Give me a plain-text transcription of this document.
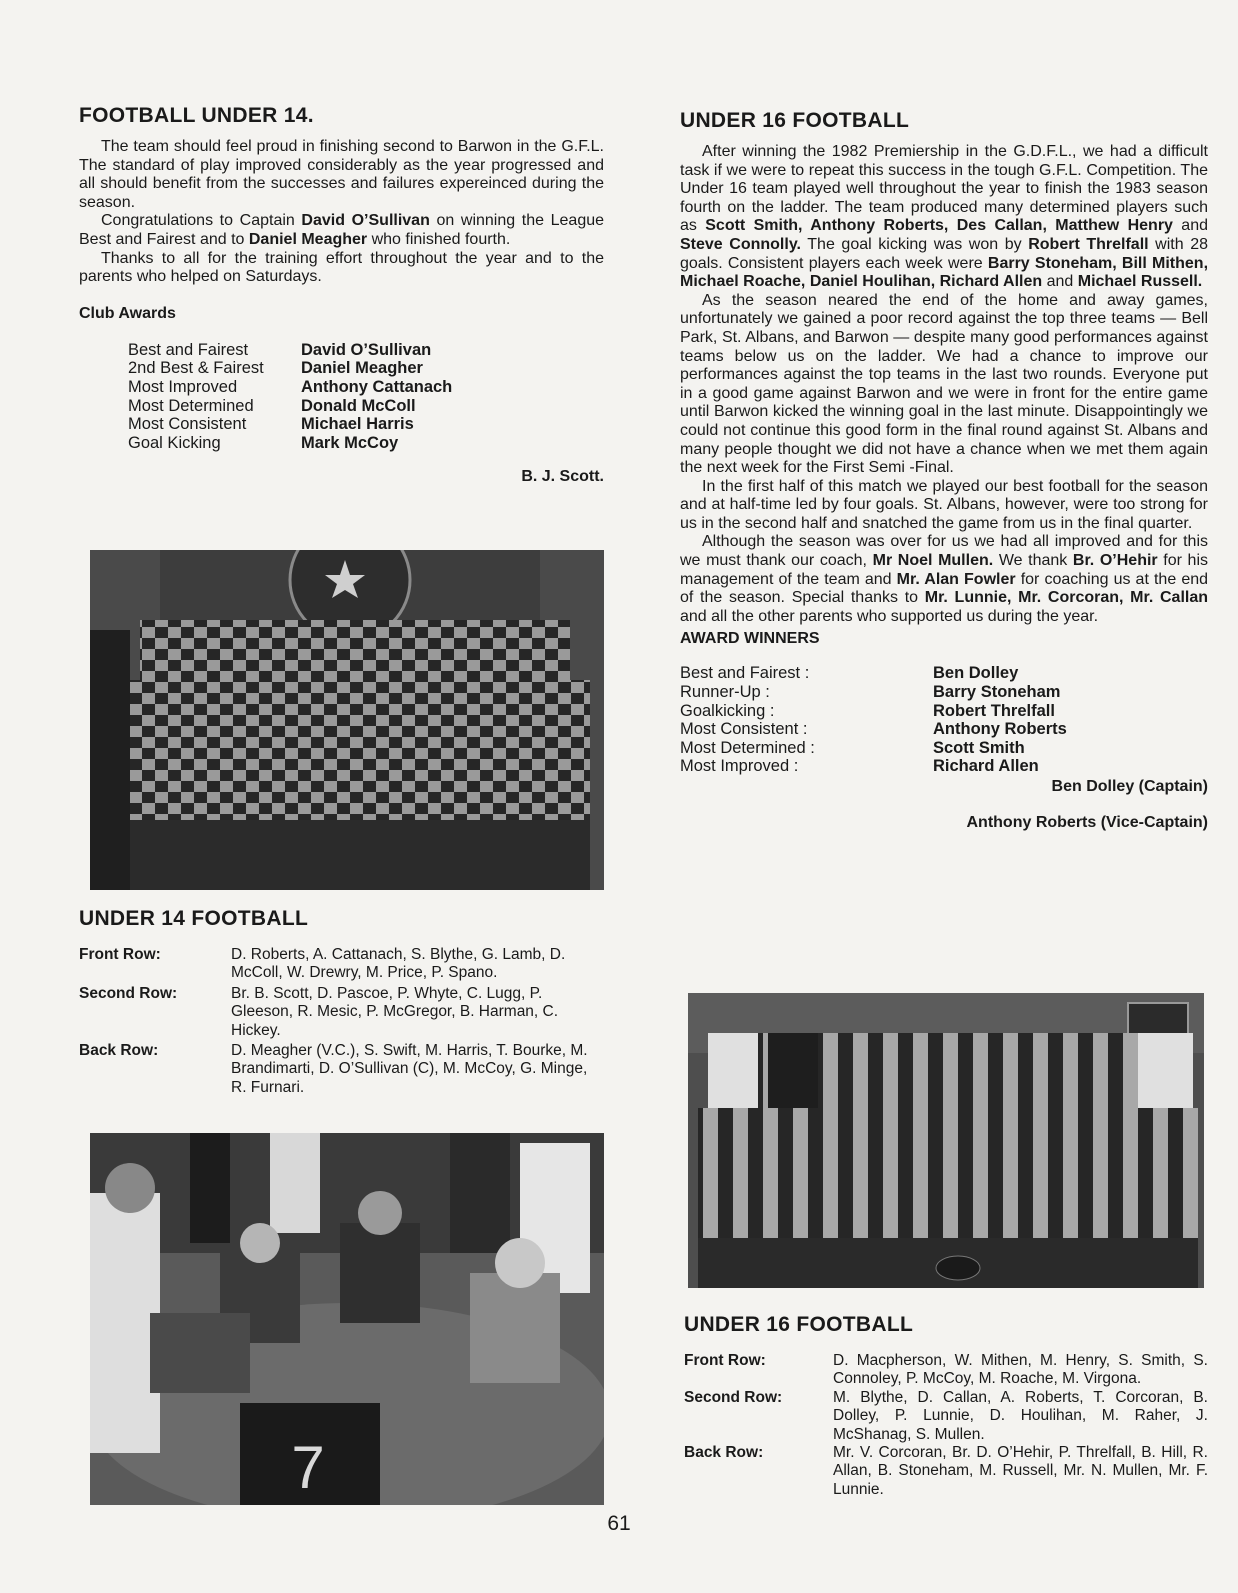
FOOTBALL UNDER 14.

The team should feel proud in finishing second to Barwon in the G.F.L. The standard of play improved considerably as the year progressed and all should benefit from the successes and failures expereinced during the season.

Congratulations to Captain David O’Sullivan on winning the League Best and Fairest and to Daniel Meagher who finished fourth.

Thanks to all for the training effort throughout the year and to the parents who helped on Saturdays.

Club Awards
Best and Fairest	David O’Sullivan
2nd Best & Fairest	Daniel Meagher
Most Improved	Anthony Cattanach
Most Determined	Donald McColl
Most Consistent	Michael Harris
Goal Kicking	Mark McCoy
B. J. Scott.
UNDER 14 FOOTBALL
Front Row:	D. Roberts, A. Cattanach, S. Blythe, G. Lamb, D. McColl, W. Drewry, M. Price, P. Spano.
Second Row:	Br. B. Scott, D. Pascoe, P. Whyte, C. Lugg, P. Gleeson, R. Mesic, P. McGregor, B. Harman, C. Hickey.
Back Row:	D. Meagher (V.C.), S. Swift, M. Harris, T. Bourke, M. Brandimarti, D. O’Sullivan (C), M. McCoy, G. Minge, R. Furnari.
7
UNDER 16 FOOTBALL

After winning the 1982 Premiership in the G.D.F.L., we had a difficult task if we were to repeat this success in the tough G.F.L. Competition. The Under 16 team played well throughout the year to finish the 1983 season fourth on the ladder. The team produced many determined players such as Scott Smith, Anthony Roberts, Des Callan, Matthew Henry and Steve Connolly. The goal kicking was won by Robert Threlfall with 28 goals. Consistent players each week were Barry Stoneham, Bill Mithen, Michael Roache, Daniel Houlihan, Richard Allen and Michael Russell.

As the season neared the end of the home and away games, unfortunately we gained a poor record against the top three teams — Bell Park, St. Albans, and Barwon — despite many good performances against teams below us on the ladder. We had a chance to improve our performances against the top teams in the last two rounds. Everyone put in a good game against Barwon and we were in front for the entire game until Barwon kicked the winning goal in the last minute. Disappointingly we could not continue this good form in the final round against St. Albans and many people thought we did not have a chance when we met them again the next week for the First Semi -Final.

In the first half of this match we played our best football for the season and at half-time led by four goals. St. Albans, however, were too strong for us in the second half and snatched the game from us in the final quarter.

Although the season was over for us we had all improved and for this we must thank our coach, Mr Noel Mullen. We thank Br. O’Hehir for his management of the team and Mr. Alan Fowler for coaching us at the end of the season. Special thanks to Mr. Lunnie, Mr. Corcoran, Mr. Callan and all the other parents who supported us during the year.

AWARD WINNERS
Best and Fairest :	Ben Dolley
Runner-Up :	Barry Stoneham
Goalkicking :	Robert Threlfall
Most Consistent :	Anthony Roberts
Most Determined :	Scott Smith
Most Improved :	Richard Allen
Ben Dolley (Captain)
Anthony Roberts (Vice-Captain)
UNDER 16 FOOTBALL
Front Row:	D. Macpherson, W. Mithen, M. Henry, S. Smith, S. Connoley, P. McCoy, M. Roache, M. Virgona.
Second Row:	M. Blythe, D. Callan, A. Roberts, T. Corcoran, B. Dolley, P. Lunnie, D. Houlihan, M. Raher, J. McShanag, S. Mullen.
Back Row:	Mr. V. Corcoran, Br. D. O’Hehir, P. Threlfall, B. Hill, R. Allan, B. Stoneham, M. Russell, Mr. N. Mullen, Mr. F. Lunnie.
61
